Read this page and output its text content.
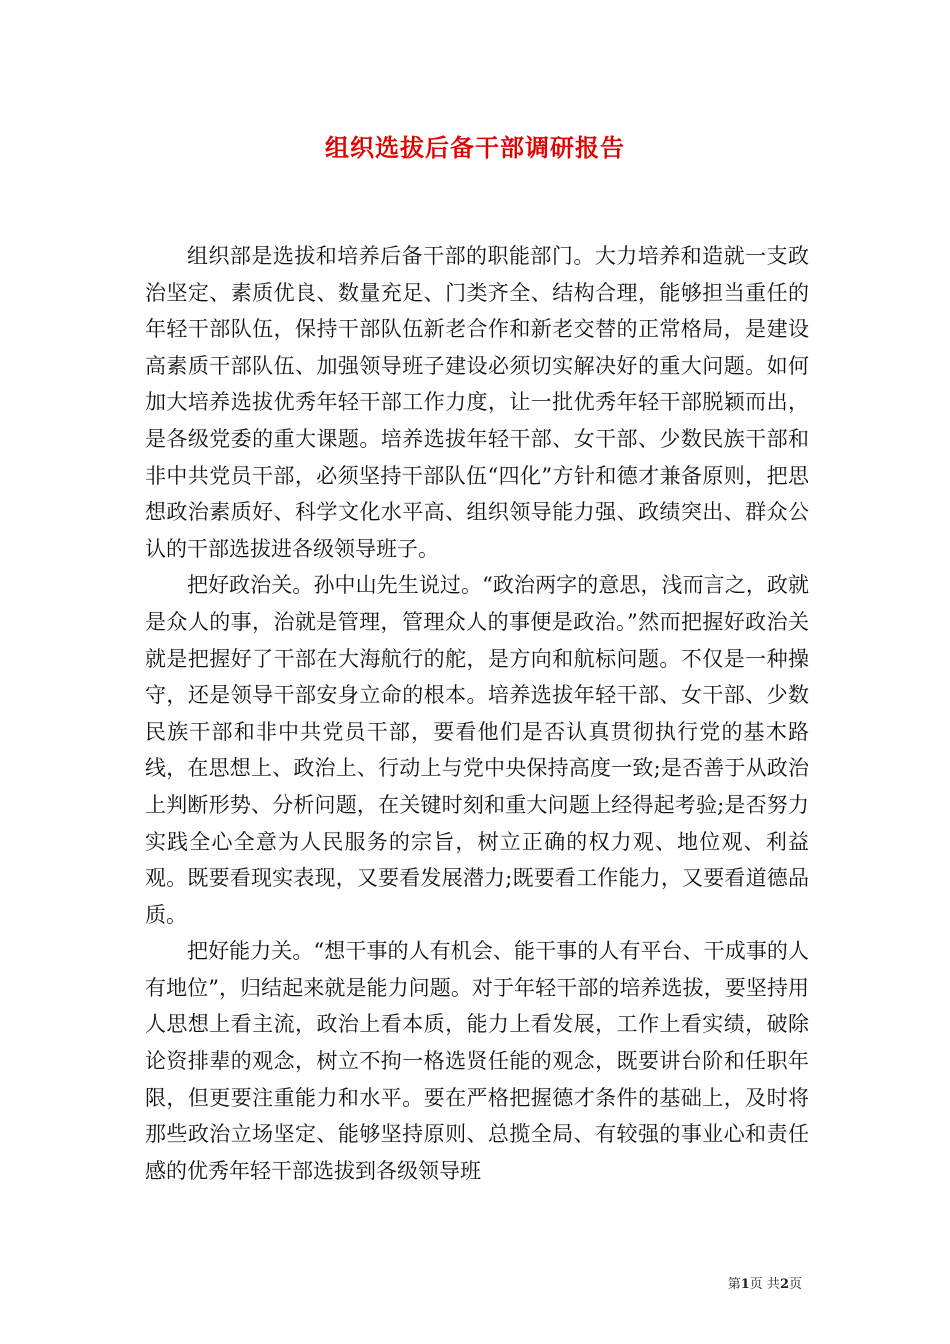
组织选拔后备干部调研报告

组织部是选拔和培养后备干部的职能部门。大力培养和造就一支政治坚定、素质优良、数量充足、门类齐全、结构合理，能够担当重任的年轻干部队伍，保持干部队伍新老合作和新老交替的正常格局，是建设高素质干部队伍、加强领导班子建设必须切实解决好的重大问题。如何加大培养选拔优秀年轻干部工作力度，让一批优秀年轻干部脱颖而出，是各级党委的重大课题。培养选拔年轻干部、女干部、少数民族干部和非中共党员干部，必须坚持干部队伍“四化”方针和德才兼备原则，把思想政治素质好、科学文化水平高、组织领导能力强、政绩突出、群众公认的干部选拔进各级领导班子。

把好政治关。孙中山先生说过。“政治两字的意思，浅而言之，政就是众人的事，治就是管理，管理众人的事便是政治。”然而把握好政治关就是把握好了干部在大海航行的舵，是方向和航标问题。不仅是一种操守，还是领导干部安身立命的根本。培养选拔年轻干部、女干部、少数民族干部和非中共党员干部，要看他们是否认真贯彻执行党的基木路线，在思想上、政治上、行动上与党中央保持高度一致;是否善于从政治上判断形势、分析问题，在关键时刻和重大问题上经得起考验;是否努力实践全心全意为人民服务的宗旨，树立正确的权力观、地位观、利益观。既要看现实表现，又要看发展潜力;既要看工作能力，又要看道德品质。

把好能力关。“想干事的人有机会、能干事的人有平台、干成事的人有地位”，归结起来就是能力问题。对于年轻干部的培养选拔，要坚持用人思想上看主流，政治上看本质，能力上看发展，工作上看实绩，破除论资排辈的观念，树立不拘一格选贤任能的观念，既要讲台阶和任职年限，但更要注重能力和水平。要在严格把握德才条件的基础上，及时将那些政治立场坚定、能够坚持原则、总揽全局、有较强的事业心和责任感的优秀年轻干部选拔到各级领导班

第1页 共2页
